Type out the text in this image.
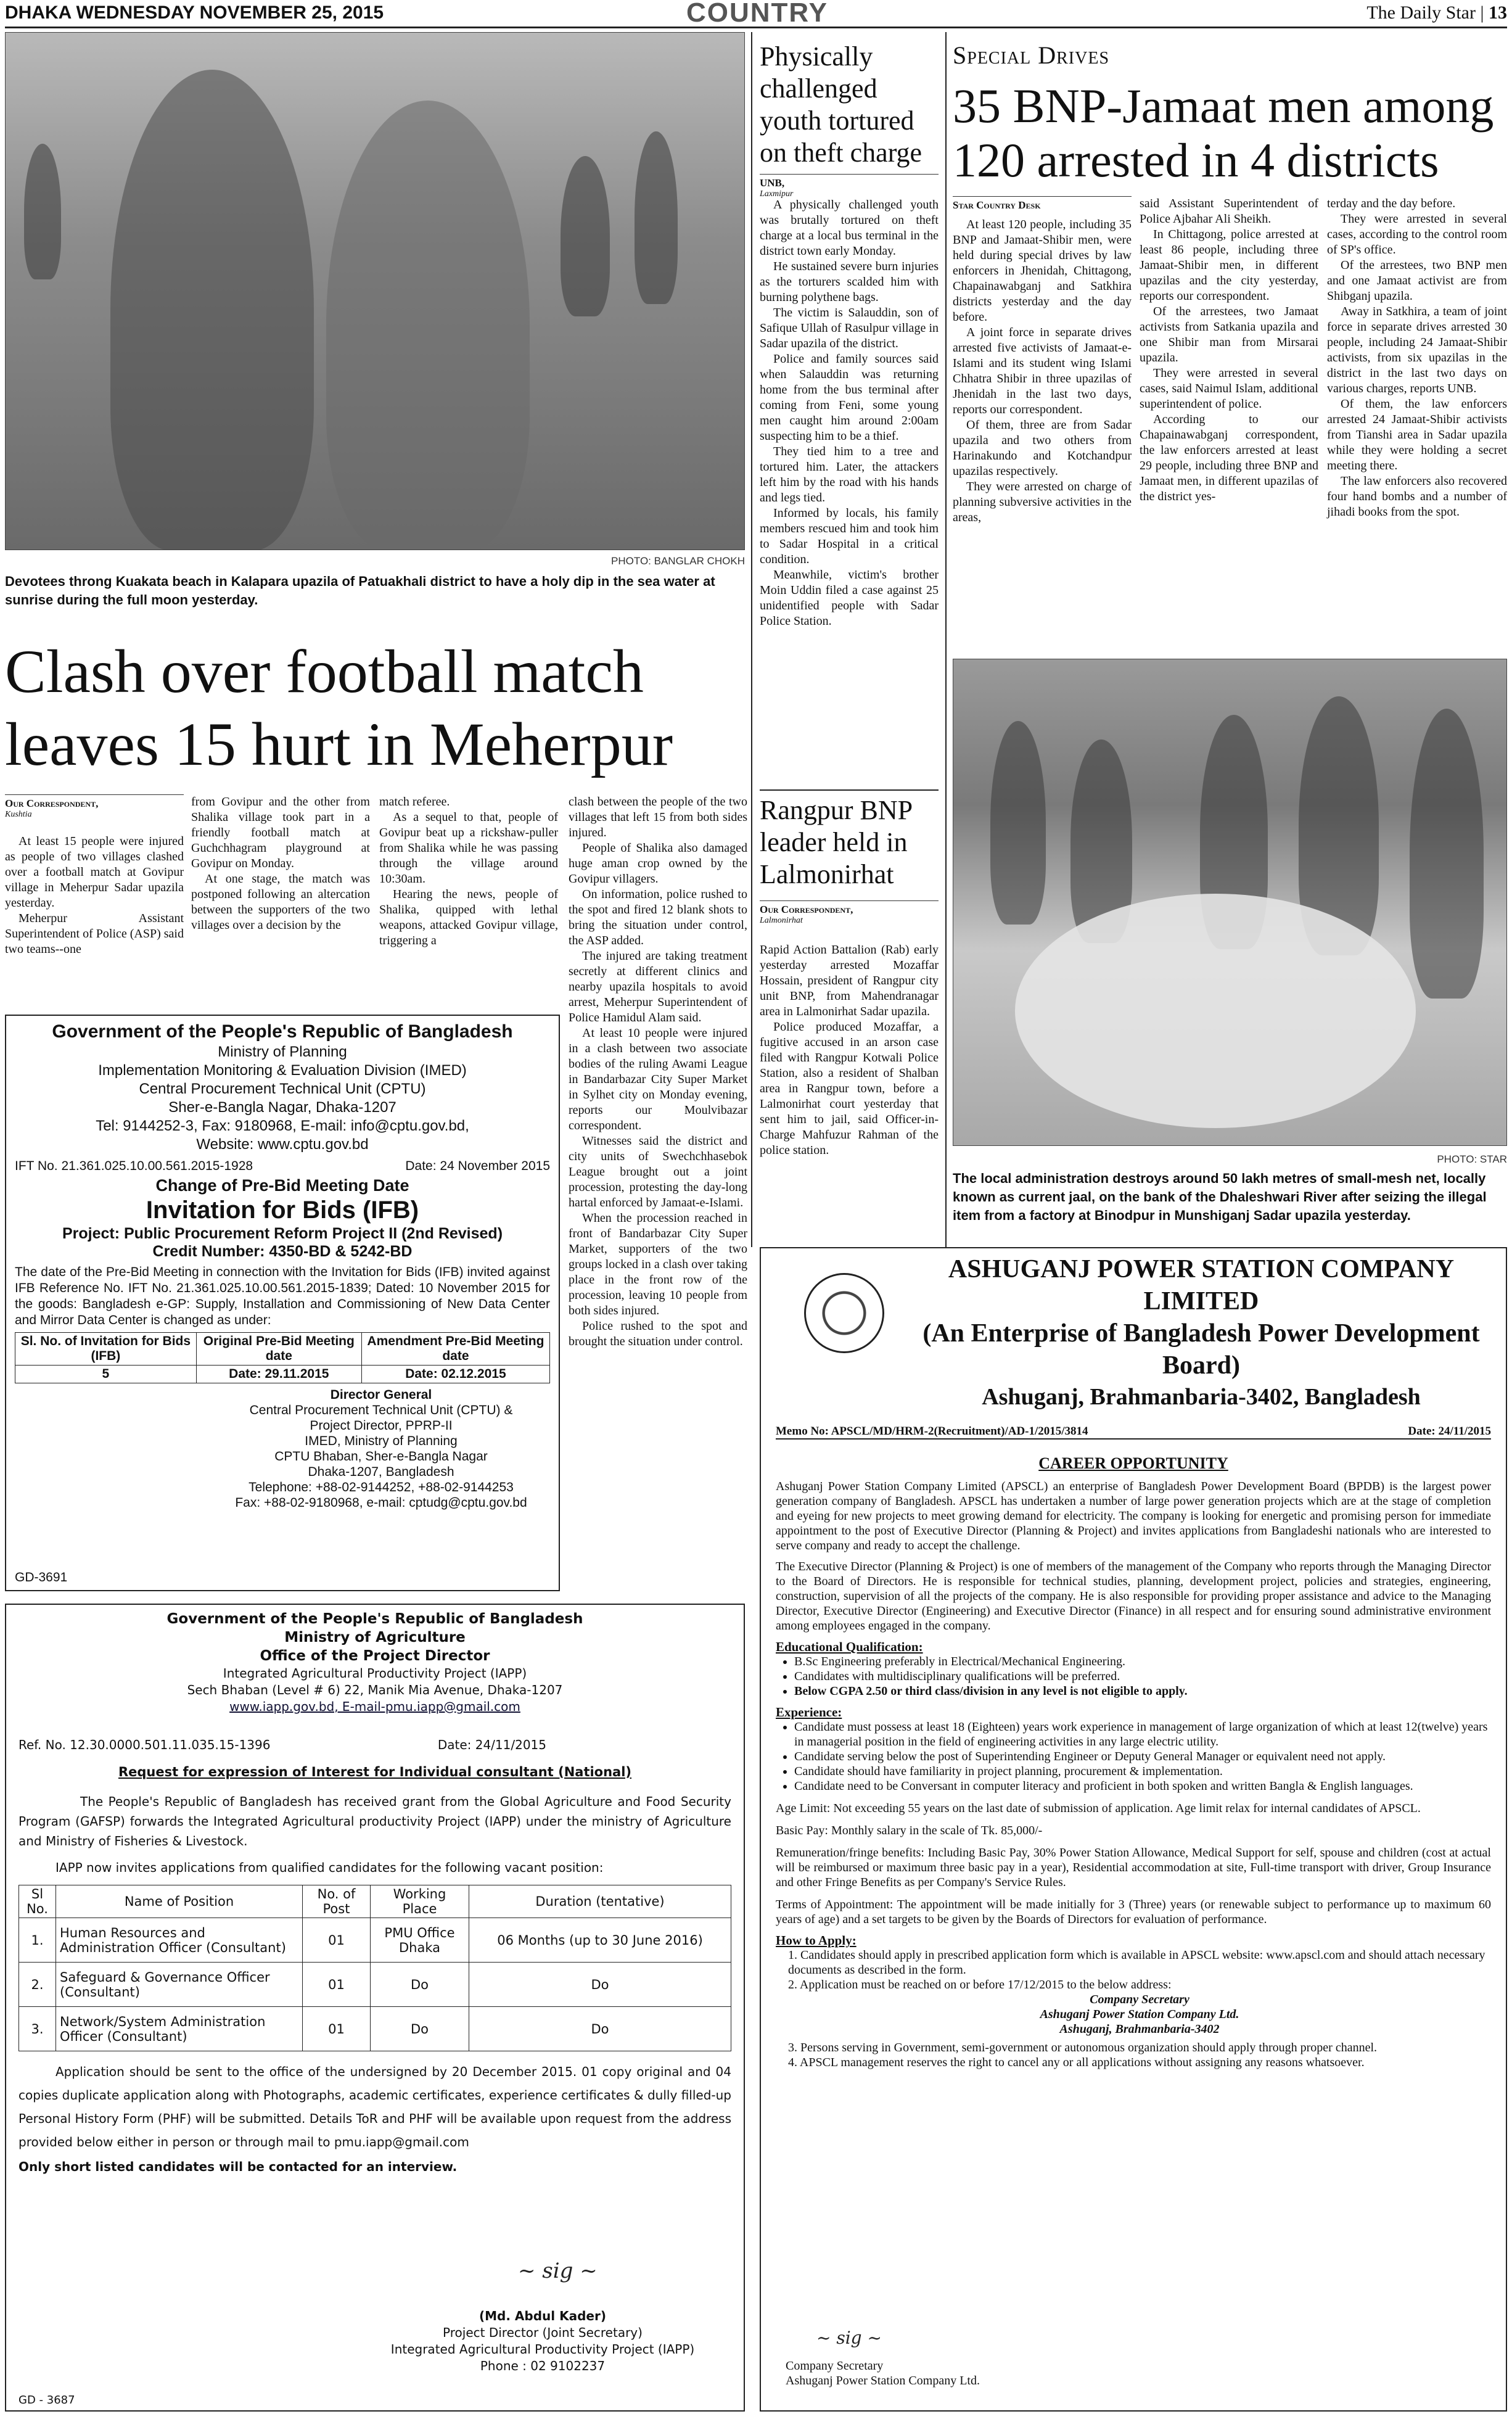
DHAKA WEDNESDAY NOVEMBER 25, 2015	COUNTRY	The Daily Star | 13
PHOTO: BANGLAR CHOKH
Devotees throng Kuakata beach in Kalapara upazila of Patuakhali district to have a holy dip in the sea water at sunrise during the full moon yesterday.
Clash over football match leaves 15 hurt in Meherpur
Our Correspondent,
Kushtia

At least 15 people were injured as people of two villages clashed over a football match at Govipur village in Meherpur Sadar upazila yesterday.

Meherpur Assistant Superintendent of Police (ASP) said two teams--one

from Govipur and the other from Shalika village took part in a friendly football match at Guchchhagram playground at Govipur on Monday.

At one stage, the match was postponed following an altercation between the supporters of the two villages over a decision by the

match referee.

As a sequel to that, people of Govipur beat up a rickshaw-puller from Shalika while he was passing through the village around 10:30am.

Hearing the news, people of Shalika, quipped with lethal weapons, attacked Govipur village, triggering a

clash between the people of the two villages that left 15 from both sides injured.

People of Shalika also damaged huge aman crop owned by the Govipur villagers.

On information, police rushed to the spot and fired 12 blank shots to bring the situation under control, the ASP added.

The injured are taking treatment secretly at different clinics and nearby upazila hospitals to avoid arrest, Meherpur Superintendent of Police Hamidul Alam said.

At least 10 people were injured in a clash between two associate bodies of the ruling Awami League in Bandarbazar City Super Market in Sylhet city on Monday evening, reports our Moulvibazar correspondent.

Witnesses said the district and city units of Swechchhasebok League brought out a joint procession, protesting the day-long hartal enforced by Jamaat-e-Islami.

When the procession reached in front of Bandarbazar City Super Market, supporters of the two groups locked in a clash over taking place in the front row of the procession, leaving 10 people from both sides injured.

Police rushed to the spot and brought the situation under control.

Government of the People's Republic of Bangladesh
Ministry of Planning
Implementation Monitoring & Evaluation Division (IMED)
Central Procurement Technical Unit (CPTU)
Sher-e-Bangla Nagar, Dhaka-1207
Tel: 9144252-3, Fax: 9180968, E-mail: info@cptu.gov.bd,
Website: www.cptu.gov.bd
IFT No. 21.361.025.10.00.561.2015-1928	Date: 24 November 2015
Change of Pre-Bid Meeting Date
Invitation for Bids (IFB)
Project: Public Procurement Reform Project II (2nd Revised)
Credit Number: 4350-BD & 5242-BD
The date of the Pre-Bid Meeting in connection with the Invitation for Bids (IFB) invited against IFB Reference No. IFT No. 21.361.025.10.00.561.2015-1839; Dated: 10 November 2015 for the goods: Bangladesh e-GP: Supply, Installation and Commissioning of New Data Center and Mirror Data Center is changed as under:
Sl. No. of Invitation for Bids (IFB)	Original Pre-Bid Meeting date	Amendment Pre-Bid Meeting date
5	Date: 29.11.2015	Date: 02.12.2015
Director General
Central Procurement Technical Unit (CPTU) &
Project Director, PPRP-II
IMED, Ministry of Planning
CPTU Bhaban, Sher-e-Bangla Nagar
Dhaka-1207, Bangladesh
Telephone: +88-02-9144252, +88-02-9144253
Fax: +88-02-9180968, e-mail: cptudg@cptu.gov.bd
GD-3691
Government of the People's Republic of Bangladesh
Ministry of Agriculture
Office of the Project Director
Integrated Agricultural Productivity Project (IAPP)
Sech Bhaban (Level # 6) 22, Manik Mia Avenue, Dhaka-1207
www.iapp.gov.bd, E-mail-pmu.iapp@gmail.com
Ref. No. 12.30.0000.501.11.035.15-1396	Date: 24/11/2015
Request for expression of Interest for Individual consultant (National)
The People's Republic of Bangladesh has received grant from the Global Agriculture and Food Security Program (GAFSP) forwards the Integrated Agricultural productivity Project (IAPP) under the ministry of Agriculture and Ministry of Fisheries & Livestock.
IAPP now invites applications from qualified candidates for the following vacant position:
Sl No.	Name of Position	No. of Post	Working Place	Duration (tentative)
1.	Human Resources and Administration Officer (Consultant)	01	PMU Office Dhaka	06 Months (up to 30 June 2016)
2.	Safeguard & Governance Officer (Consultant)	01	Do	Do
3.	Network/System Administration Officer (Consultant)	01	Do	Do
Application should be sent to the office of the undersigned by 20 December 2015. 01 copy original and 04 copies duplicate application along with Photographs, academic certificates, experience certificates & dully filled-up Personal History Form (PHF) will be submitted. Details ToR and PHF will be available upon request from the address provided below either in person or through mail to pmu.iapp@gmail.com
Only short listed candidates will be contacted for an interview.
~ sig ~
(Md. Abdul Kader)
Project Director (Joint Secretary)
Integrated Agricultural Productivity Project (IAPP)
Phone : 02 9102237
GD - 3687
Physically challenged youth tortured on theft charge
UNB,
Laxmipur

A physically challenged youth was brutally tortured on theft charge at a local bus terminal in the district town early Monday.

He sustained severe burn injuries as the torturers scalded him with burning polythene bags.

The victim is Salauddin, son of Safique Ullah of Rasulpur village in Sadar upazila of the district.

Police and family sources said when Salauddin was returning home from the bus terminal after coming from Feni, some young men caught him around 2:00am suspecting him to be a thief.

They tied him to a tree and tortured him. Later, the attackers left him by the road with his hands and legs tied.

Informed by locals, his family members rescued him and took him to Sadar Hospital in a critical condition.

Meanwhile, victim's brother Moin Uddin filed a case against 25 unidentified people with Sadar Police Station.

Rangpur BNP leader held in Lalmonirhat
Our Correspondent,
Lalmonirhat

Rapid Action Battalion (Rab) early yesterday arrested Mozaffar Hossain, president of Rangpur city unit BNP, from Mahendranagar area in Lalmonirhat Sadar upazila.

Police produced Mozaffar, a fugitive accused in an arson case filed with Rangpur Kotwali Police Station, also a resident of Shalban area in Rangpur town, before a Lalmonirhat court yesterday that sent him to jail, said Officer-in-Charge Mahfuzur Rahman of the police station.

Special Drives
35 BNP-Jamaat men among 120 arrested in 4 districts
Star Country Desk

At least 120 people, including 35 BNP and Jamaat-Shibir men, were held during special drives by law enforcers in Jhenidah, Chittagong, Chapainawabganj and Satkhira districts yesterday and the day before.

A joint force in separate drives arrested five activists of Jamaat-e-Islami and its student wing Islami Chhatra Shibir in three upazilas of Jhenidah in the last two days, reports our correspondent.

Of them, three are from Sadar upazila and two others from Harinakundo and Kotchandpur upazilas respectively.

They were arrested on charge of planning subversive activities in the areas,

said Assistant Superintendent of Police Ajbahar Ali Sheikh.

In Chittagong, police arrested at least 86 people, including three Jamaat-Shibir men, in different upazilas and the city yesterday, reports our correspondent.

Of the arrestees, two Jamaat activists from Satkania upazila and one Shibir man from Mirsarai upazila.

They were arrested in several cases, said Naimul Islam, additional superintendent of police.

According to our Chapainawabganj correspondent, the law enforcers arrested at least 29 people, including three BNP and Jamaat men, in different upazilas of the district yes-

terday and the day before.

They were arrested in several cases, according to the control room of SP's office.

Of the arrestees, two BNP men and one Jamaat activist are from Shibganj upazila.

Away in Satkhira, a team of joint force in separate drives arrested 30 people, including 24 Jamaat-Shibir activists, from six upazilas in the district in the last two days on various charges, reports UNB.

Of them, the law enforcers arrested 24 Jamaat-Shibir activists from Tianshi area in Sadar upazila while they were holding a secret meeting there.

The law enforcers also recovered four hand bombs and a number of jihadi books from the spot.

PHOTO: STAR
The local administration destroys around 50 lakh metres of small-mesh net, locally known as current jaal, on the bank of the Dhaleshwari River after seizing the illegal item from a factory at Binodpur in Munshiganj Sadar upazila yesterday.
ASHUGANJ POWER STATION COMPANY LIMITED
(An Enterprise of Bangladesh Power Development Board)
Ashuganj, Brahmanbaria-3402, Bangladesh
Memo No: APSCL/MD/HRM-2(Recruitment)/AD-1/2015/3814	Date: 24/11/2015
CAREER OPPORTUNITY

Ashuganj Power Station Company Limited (APSCL) an enterprise of Bangladesh Power Development Board (BPDB) is the largest power generation company of Bangladesh. APSCL has undertaken a number of large power generation projects which are at the stage of completion and eyeing for new projects to meet growing demand for electricity. The company is looking for energetic and promising person for immediate appointment to the post of Executive Director (Planning & Project) and invites applications from Bangladeshi nationals who are interested to serve company and ready to accept the challenge.

The Executive Director (Planning & Project) is one of members of the management of the Company who reports through the Managing Director to the Board of Directors. He is responsible for technical studies, planning, development project, policies and strategies, engineering, construction, supervision of all the projects of the company. He is also responsible for providing proper assistance and advice to the Managing Director, Executive Director (Engineering) and Executive Director (Finance) in all respect and for ensuring sound administrative environment among employees engaged in the company.

Educational Qualification:
• B.Sc Engineering preferably in Electrical/Mechanical Engineering.
• Candidates with multidisciplinary qualifications will be preferred.
• Below CGPA 2.50 or third class/division in any level is not eligible to apply.
Experience:
• Candidate must possess at least 18 (Eighteen) years work experience in management of large organization of which at least 12(twelve) years in managerial position in the field of engineering activities in any large electric utility.
• Candidate serving below the post of Superintending Engineer or Deputy General Manager or equivalent need not apply.
• Candidate should have familiarity in project planning, procurement & implementation.
• Candidate need to be Conversant in computer literacy and proficient in both spoken and written Bangla & English languages.

Age Limit: Not exceeding 55 years on the last date of submission of application. Age limit relax for internal candidates of APSCL.

Basic Pay: Monthly salary in the scale of Tk. 85,000/-

Remuneration/fringe benefits: Including Basic Pay, 30% Power Station Allowance, Medical Support for self, spouse and children (cost at actual will be reimbursed or maximum three basic pay in a year), Residential accommodation at site, Full-time transport with driver, Group Insurance and other Fringe Benefits as per Company's Service Rules.

Terms of Appointment: The appointment will be made initially for 3 (Three) years (or renewable subject to performance up to maximum 60 years of age) and a set targets to be given by the Boards of Directors for evaluation of performance.

How to Apply:
1. Candidates should apply in prescribed application form which is available in APSCL website: www.apscl.com and should attach necessary documents as described in the form.
2. Application must be reached on or before 17/12/2015 to the below address:
Company Secretary
Ashuganj Power Station Company Ltd.
Ashuganj, Brahmanbaria-3402
3. Persons serving in Government, semi-government or autonomous organization should apply through proper channel.
4. APSCL management reserves the right to cancel any or all applications without assigning any reasons whatsoever.
~ sig ~
Company Secretary
Ashuganj Power Station Company Ltd.
